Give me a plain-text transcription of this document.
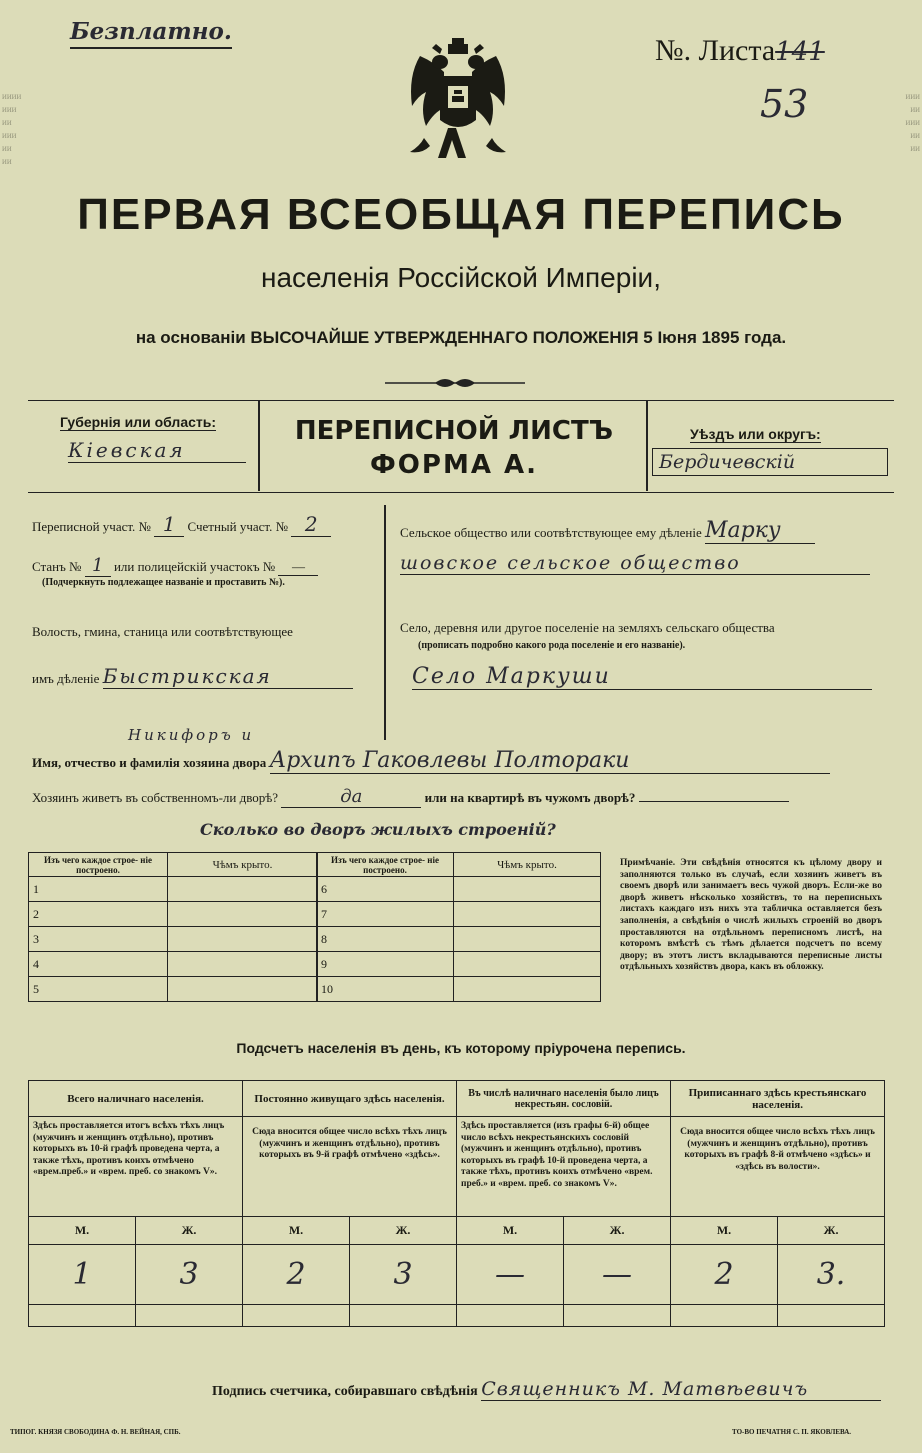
ииии
иии
ии
иии
ии
ии
иии
ии
иии
ии
ии
Безплатно.
№. Листа141
53
ПЕРВАЯ ВСЕОБЩАЯ ПЕРЕПИСЬ
населенія Россійской Имперіи,
на основаніи ВЫСОЧАЙШЕ УТВЕРЖДЕННАГО ПОЛОЖЕНІЯ 5 Іюня 1895 года.
Губернія или область:
Кіевская
ПЕРЕПИСНОЙ ЛИСТЪ
ФОРМА А.
Уѣздъ или округъ:
Бердичевскій
Переписной участ. № 1 Счетный участ. № 2
Станъ № 1 или полицейскій участокъ № —
(Подчеркнуть подлежащее названіе и проставить №).
Волость, гмина, станица или соотвѣтствующее
имъ дѣленіе Быстрикская
Сельское общество или соотвѣтствующее ему дѣленіе Марку
шовское сельское общество
Село, деревня или другое поселеніе на земляхъ сельскаго общества
(прописать подробно какого рода поселеніе и его названіе).
Село Маркуши
Никифоръ и
Имя, отчество и фамилія хозяина двора Архипъ Гаковлевы Полтораки
Хозяинъ живетъ въ собственномъ-ли дворѣ?	да	или на квартирѣ въ чужомъ дворѣ?
Сколько во дворъ жилыхъ строеній?
Изъ чего каждое строе- ніе построено.	Чѣмъ крыто.
1	
2	
3	
4	
5	
Изъ чего каждое строе- ніе построено.	Чѣмъ крыто.
6	
7	
8	
9	
10	
Примѣчаніе. Эти свѣдѣнія относятся къ цѣлому двору и заполняются только въ случаѣ, если хозяинъ живетъ въ своемъ дворѣ или занимаетъ весь чужой дворъ. Если-же во дворѣ живетъ нѣсколько хозяйствъ, то на переписныхъ листахъ каждаго изъ нихъ эта табличка оставляется безъ заполненія, а свѣдѣнія о числѣ жилыхъ строеній во дворъ проставляются на отдѣльномъ переписномъ листѣ, на которомъ вмѣстѣ съ тѣмъ дѣлается подсчетъ по всему двору; въ этотъ листъ вкладываются переписные листы отдѣльныхъ хозяйствъ двора, какъ въ обложку.
Подсчетъ населенія въ день, къ которому пріурочена перепись.
Всего наличнаго населенія.		Постоянно живущаго здѣсь населенія.		Въ числѣ наличнаго населенія было лицъ некрестьян. сословій.		Приписаннаго здѣсь крестьянскаго населенія.	
Здѣсь проставляется итогъ всѣхъ тѣхъ лицъ (мужчинъ и женщинъ отдѣльно), противъ которыхъ въ 10-й графѣ проведена черта, а также тѣхъ, противъ коихъ отмѣчено «врем.преб.» и «врем. преб. со знакомъ V».		Сюда вносится общее число всѣхъ тѣхъ лицъ (мужчинъ и женщинъ отдѣльно), противъ которыхъ въ 9-й графѣ отмѣчено «здѣсь».		Здѣсь проставляется (изъ графы 6-й) общее число всѣхъ некрестьянскихъ сословій (мужчинъ и женщинъ отдѣльно), противъ которыхъ въ графѣ 10-й проведена черта, а также тѣхъ, противъ коихъ отмѣчено «врем. преб.» и «врем. преб. со знакомъ V».		Сюда вносится общее число всѣхъ тѣхъ лицъ (мужчинъ и женщинъ отдѣльно), противъ которыхъ въ графѣ 8-й отмѣчено «здѣсь» и «здѣсь въ волости».	
М.	Ж.	М.	Ж.	М.	Ж.	М.	Ж.
1	3	2	3	—	—	2	3.

Подпись счетчика, собиравшаго свѣдѣнія Священникъ М. Матвѣевичъ
ТИПОГ. КНЯЗЯ СВОБОДИНА Ф. Н. ВЕЙНАЯ, СПБ.	ТО-ВО ПЕЧАТНЯ С. П. ЯКОВЛЕВА.
